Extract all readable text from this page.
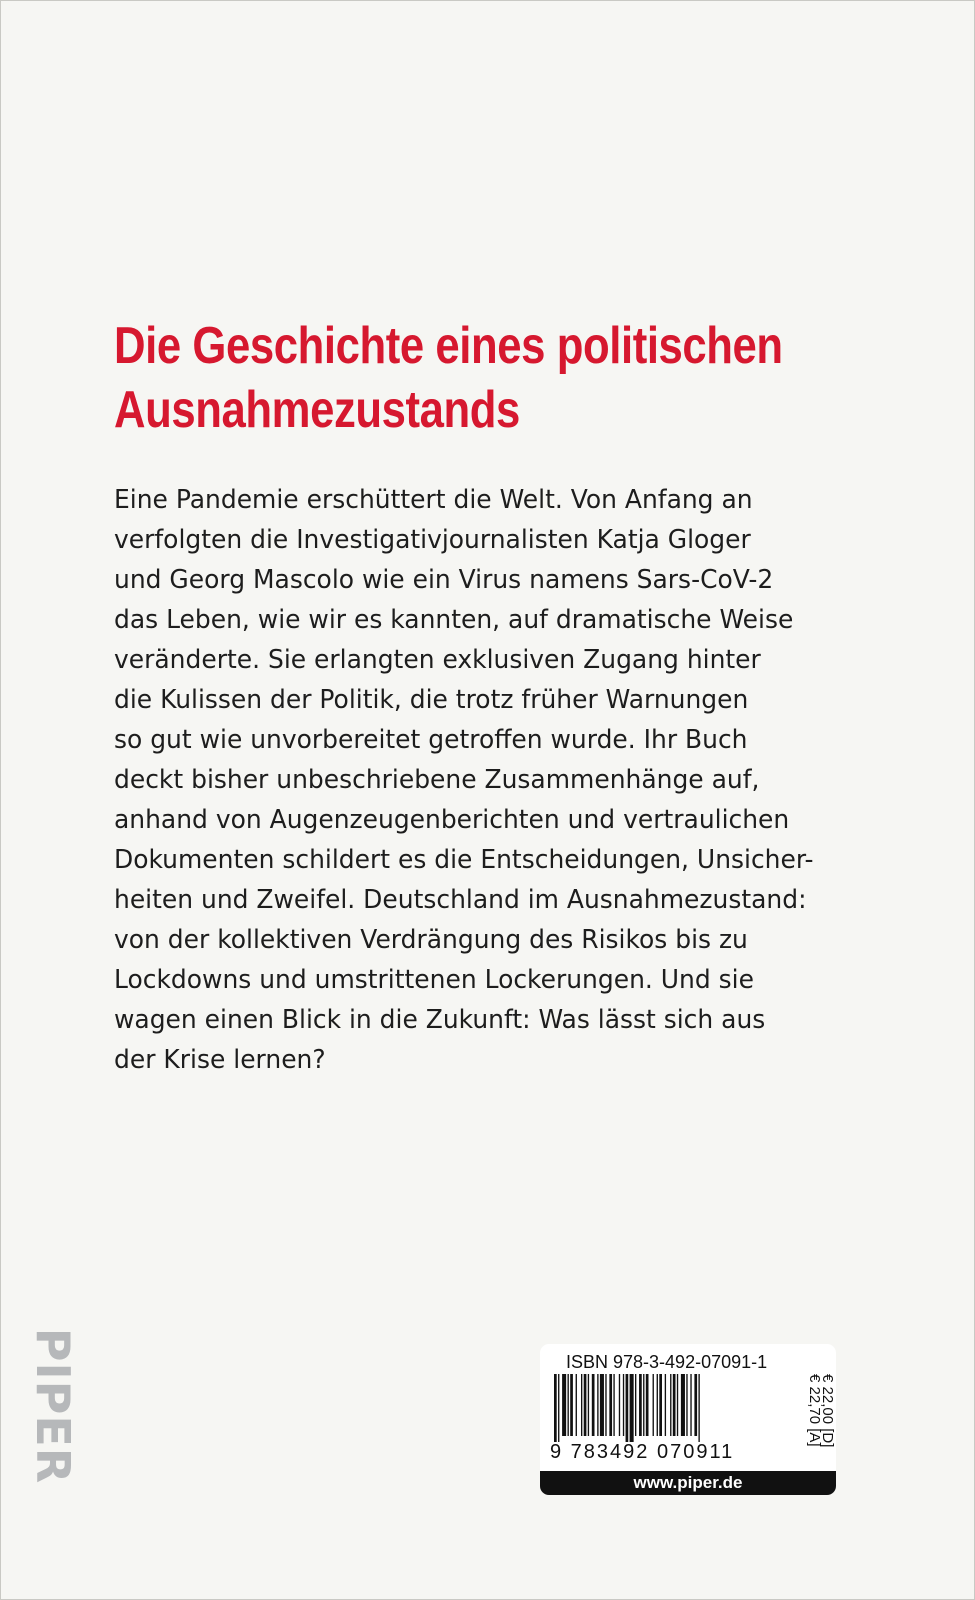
Die Geschichte eines politischen
Ausnahmezustands
Eine Pandemie erschüttert die Welt. Von Anfang an
verfolgten die Investigativjournalisten Katja Gloger
und Georg Mascolo wie ein Virus namens Sars-CoV-2
das Leben, wie wir es kannten, auf dramatische Weise
veränderte. Sie erlangten exklusiven Zugang hinter
die Kulissen der Politik, die trotz früher Warnungen
so gut wie unvorbereitet getroffen wurde. Ihr Buch
deckt bisher unbeschriebene Zusammenhänge auf,
anhand von Augenzeugenberichten und vertraulichen
Dokumenten schildert es die Entscheidungen, Unsicher-
heiten und Zweifel. Deutschland im Ausnahmezustand:
von der kollektiven Verdrängung des Risikos bis zu
Lockdowns und umstrittenen Lockerungen. Und sie
wagen einen Blick in die Zukunft: Was lässt sich aus
der Krise lernen?
PIPER	ISBN 978-3-492-07091-1
9 783492 070911
€ 22,00 [D]
€ 22,70 [A]
www.piper.de
